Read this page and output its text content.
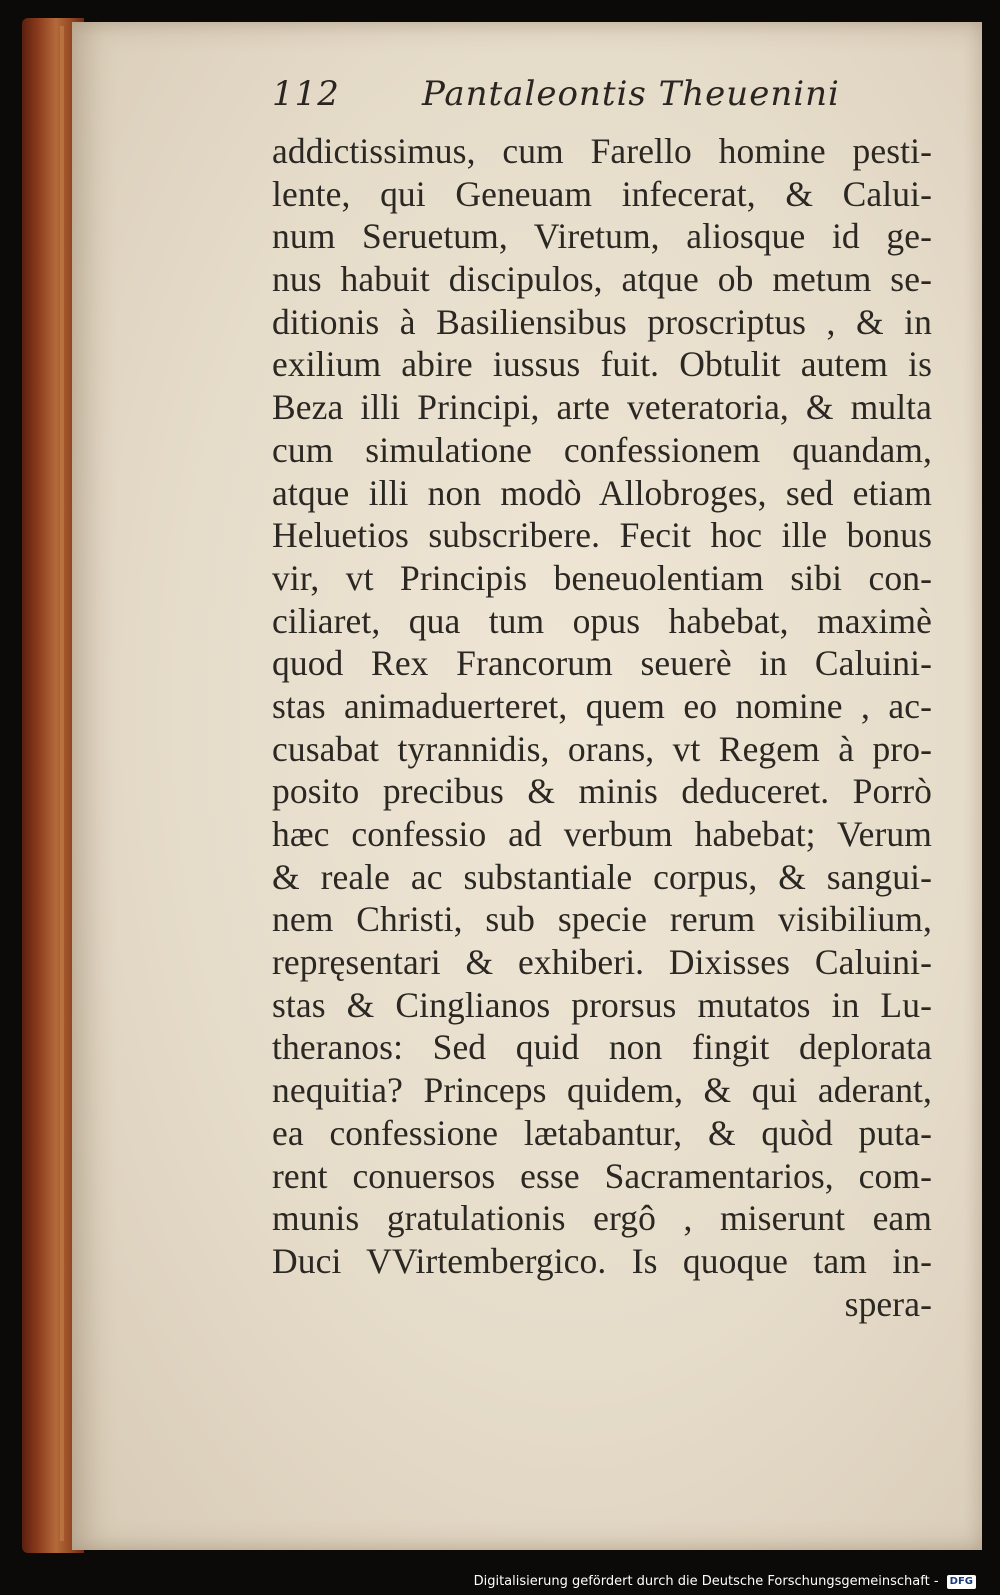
112 Pantaleontis Theuenini
addictissimus, cum Farello homine pesti-
lente, qui Geneuam infecerat, & Calui-
num Seruetum, Viretum, aliosque id ge-
nus habuit discipulos, atque ob metum se-
ditionis à Basiliensibus proscriptus , & in
exilium abire iussus fuit. Obtulit autem is
Beza illi Principi, arte veteratoria, & multa
cum simulatione confessionem quandam,
atque illi non modò Allobroges, sed etiam
Heluetios subscribere. Fecit hoc ille bonus
vir, vt Principis beneuolentiam sibi con-
ciliaret, qua tum opus habebat, maximè
quod Rex Francorum seuerè in Caluini-
stas animaduerteret, quem eo nomine , ac-
cusabat tyrannidis, orans, vt Regem à pro-
posito precibus & minis deduceret. Porrò
hæc confessio ad verbum habebat; Verum
& reale ac substantiale corpus, & sangui-
nem Christi, sub specie rerum visibilium,
repręsentari & exhiberi. Dixisses Caluini-
stas & Cinglianos prorsus mutatos in Lu-
theranos: Sed quid non fingit deplorata
nequitia? Princeps quidem, & qui aderant,
ea confessione lætabantur, & quòd puta-
rent conuersos esse Sacramentarios, com-
munis gratulationis ergô , miserunt eam
Duci VVirtembergico. Is quoque tam in-
spera-
Digitalisierung gefördert durch die Deutsche Forschungsgemeinschaft - DFG
